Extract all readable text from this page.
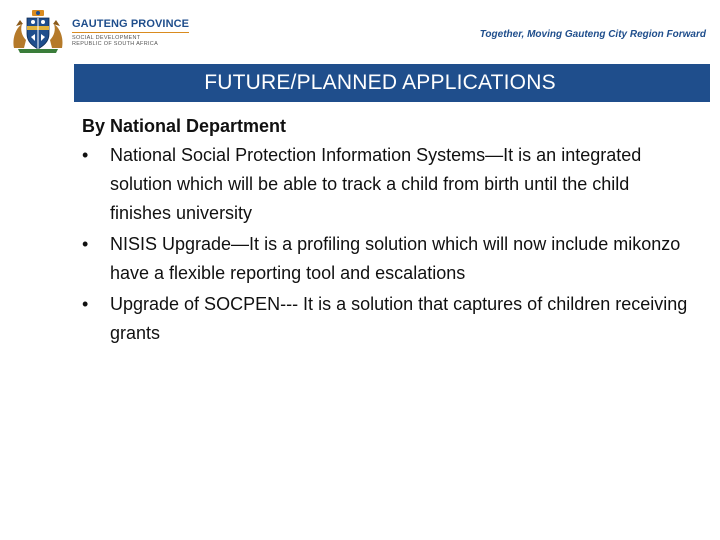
GAUTENG PROVINCE
SOCIAL DEVELOPMENT
REPUBLIC OF SOUTH AFRICA
Together, Moving Gauteng City Region Forward
FUTURE/PLANNED APPLICATIONS
By National Department
• National Social Protection Information Systems—It is an integrated solution which will be able to track a child from birth until the child finishes university
• NISIS Upgrade—It is a profiling solution which will now include mikonzo have a flexible reporting tool and escalations
• Upgrade of SOCPEN--- It is a solution that captures of children receiving grants
